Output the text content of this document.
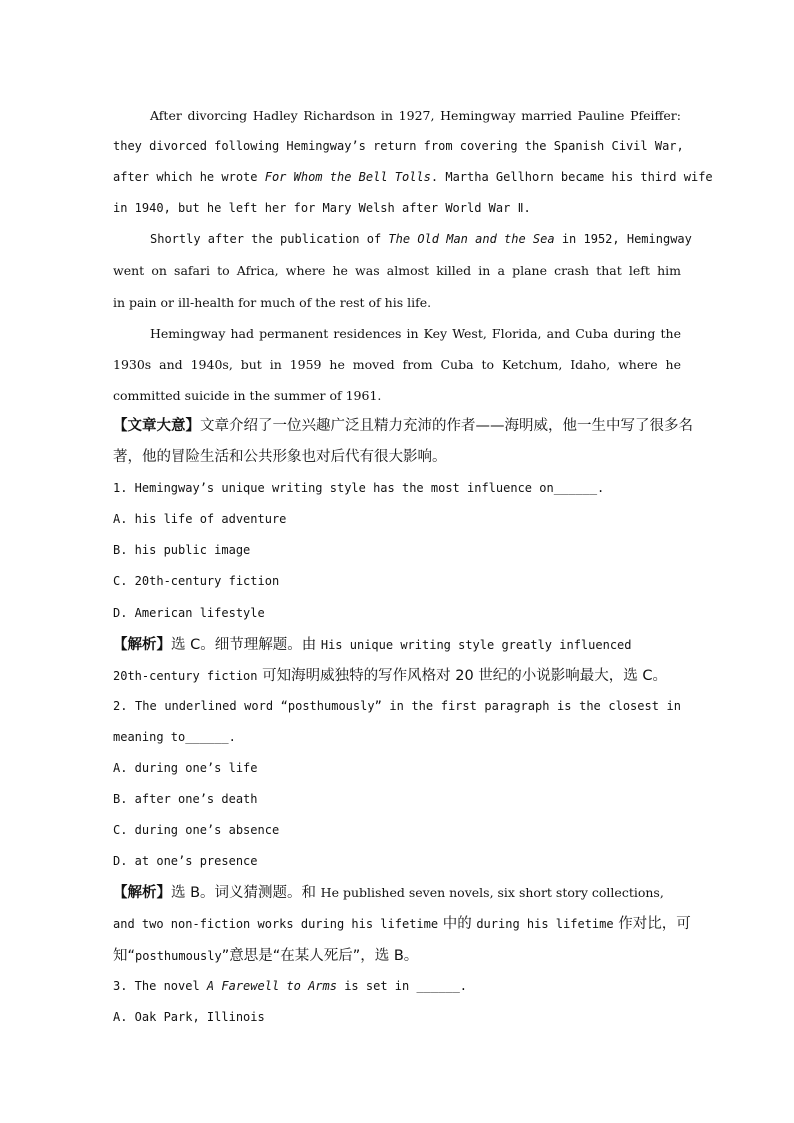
After divorcing Hadley Richardson in 1927, Hemingway married Pauline Pfeiffer:
they divorced following Hemingway’s return from covering the Spanish Civil War,
after which he wrote For Whom the Bell Tolls. Martha Gellhorn became his third wife
in 1940, but he left her for Mary Welsh after World War Ⅱ.
Shortly after the publication of The Old Man and the Sea in 1952, Hemingway
went on safari to Africa, where he was almost killed in a plane crash that left him
in pain or ill-health for much of the rest of his life.
Hemingway had permanent residences in Key West, Florida, and Cuba during the
1930s and 1940s, but in 1959 he moved from Cuba to Ketchum, Idaho, where he
committed suicide in the summer of 1961.
【文章大意】文章介绍了一位兴趣广泛且精力充沛的作者——海明威，他一生中写了很多名
著，他的冒险生活和公共形象也对后代有很大影响。
1. Hemingway’s unique writing style has the most influence on______.
A. his life of adventure
B. his public image
C. 20th-century fiction
D. American lifestyle
【解析】选 C。细节理解题。由 His unique writing style greatly influenced
20th-century fiction 可知海明威独特的写作风格对 20 世纪的小说影响最大，选 C。
2. The underlined word “posthumously” in the first paragraph is the closest in
meaning to______.
A. during one’s life
B. after one’s death
C. during one’s absence
D. at one’s presence
【解析】选 B。词义猜测题。和 He published seven novels, six short story collections,
and two non-fiction works during his lifetime 中的 during his lifetime 作对比，可
知“posthumously”意思是“在某人死后”，选 B。
3. The novel A Farewell to Arms is set in ______.
A. Oak Park, Illinois
